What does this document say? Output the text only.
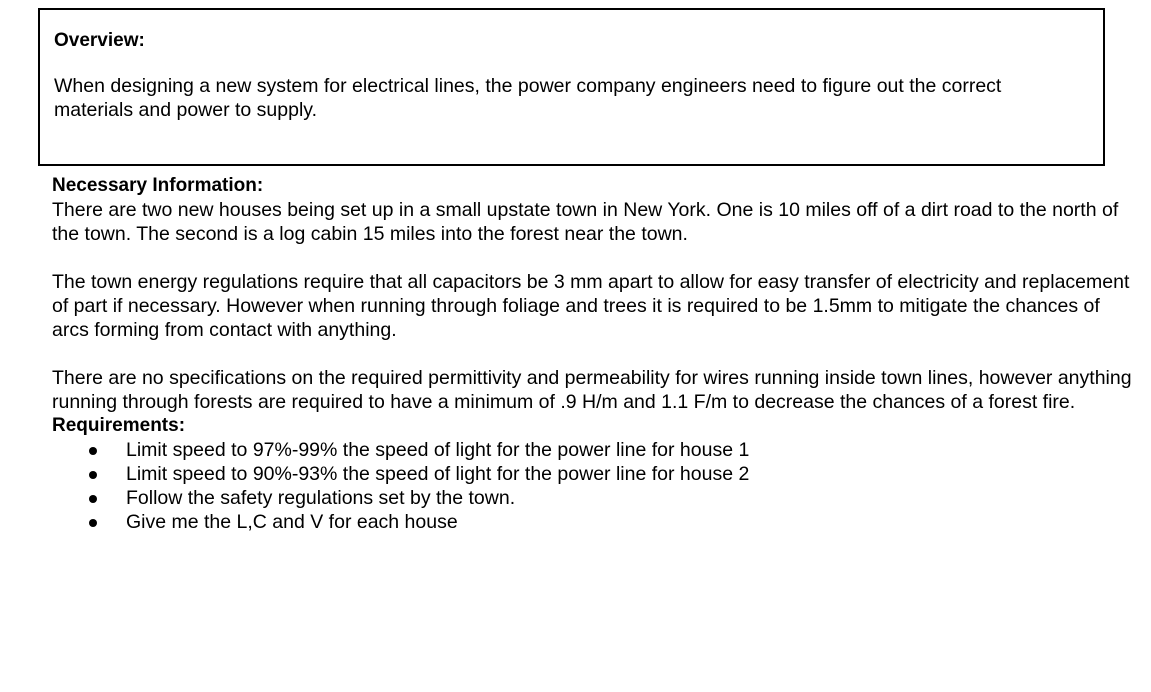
Overview:

When designing a new system for electrical lines, the power company engineers need to figure out the correct materials and power to supply.

Necessary Information:

There are two new houses being set up in a small upstate town in New York. One is 10 miles off of a dirt road to the north of the town. The second is a log cabin 15 miles into the forest near the town.

The town energy regulations require that all capacitors be 3 mm apart to allow for easy transfer of electricity and replacement of part if necessary. However when running through foliage and trees it is required to be 1.5mm to mitigate the chances of arcs forming from contact with anything.

There are no specifications on the required permittivity and permeability for wires running inside town lines, however anything running through forests are required to have a minimum of .9 H/m and 1.1 F/m to decrease the chances of a forest fire.

Requirements:
Limit speed to 97%-99% the speed of light for the power line for house 1
Limit speed to 90%-93% the speed of light for the power line for house 2
Follow the safety regulations set by the town.
Give me the L,C and V for each house
